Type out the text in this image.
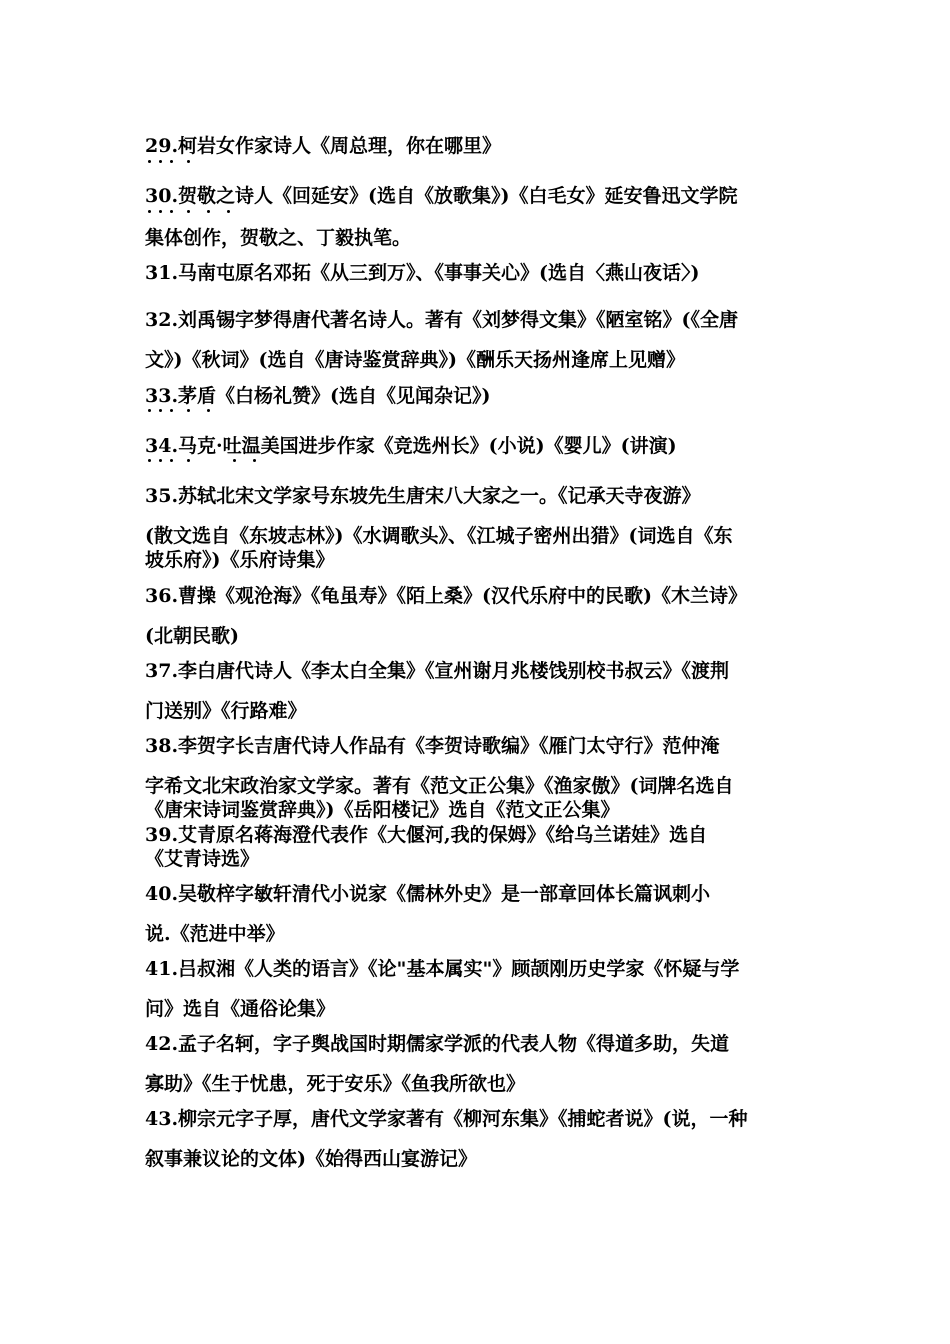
29.柯岩女作家诗人《周总理，你在哪里》
30.贺敬之诗人《回延安》(选自《放歌集》)《白毛女》延安鲁迅文学院
集体创作，贺敬之、丁毅执笔。
31.马南屯原名邓拓《从三到万》、《事事关心》(选自〈燕山夜话〉)
32.刘禹锡字梦得唐代著名诗人。著有《刘梦得文集》《陋室铭》(《全唐
文》)《秋词》(选自《唐诗鉴赏辞典》)《酬乐天扬州逢席上见赠》
33.茅盾《白杨礼赞》(选自《见闻杂记》)
34.马克·吐温美国进步作家《竞选州长》(小说)《婴儿》(讲演)
35.苏轼北宋文学家号东坡先生唐宋八大家之一。《记承天寺夜游》
(散文选自《东坡志林》)《水调歌头》、《江城子密州出猎》(词选自《东
坡乐府》)《乐府诗集》
36.曹操《观沧海》《龟虽寿》《陌上桑》(汉代乐府中的民歌)《木兰诗》
(北朝民歌)
37.李白唐代诗人《李太白全集》《宣州谢月兆楼饯别校书叔云》《渡荆
门送别》《行路难》
38.李贺字长吉唐代诗人作品有《李贺诗歌编》《雁门太守行》范仲淹
字希文北宋政治家文学家。著有《范文正公集》《渔家傲》(词牌名选自
《唐宋诗词鉴赏辞典》)《岳阳楼记》选自《范文正公集》
39.艾青原名蒋海澄代表作《大偃河,我的保姆》《给乌兰诺娃》选自
《艾青诗选》
40.吴敬梓字敏轩清代小说家《儒林外史》是一部章回体长篇讽刺小
说.《范进中举》
41.吕叔湘《人类的语言》《论"基本属实"》顾颉刚历史学家《怀疑与学
问》选自《通俗论集》
42.孟子名轲，字子舆战国时期儒家学派的代表人物《得道多助，失道
寡助》《生于忧患，死于安乐》《鱼我所欲也》
43.柳宗元字子厚，唐代文学家著有《柳河东集》《捕蛇者说》(说，一种
叙事兼议论的文体)《始得西山宴游记》
